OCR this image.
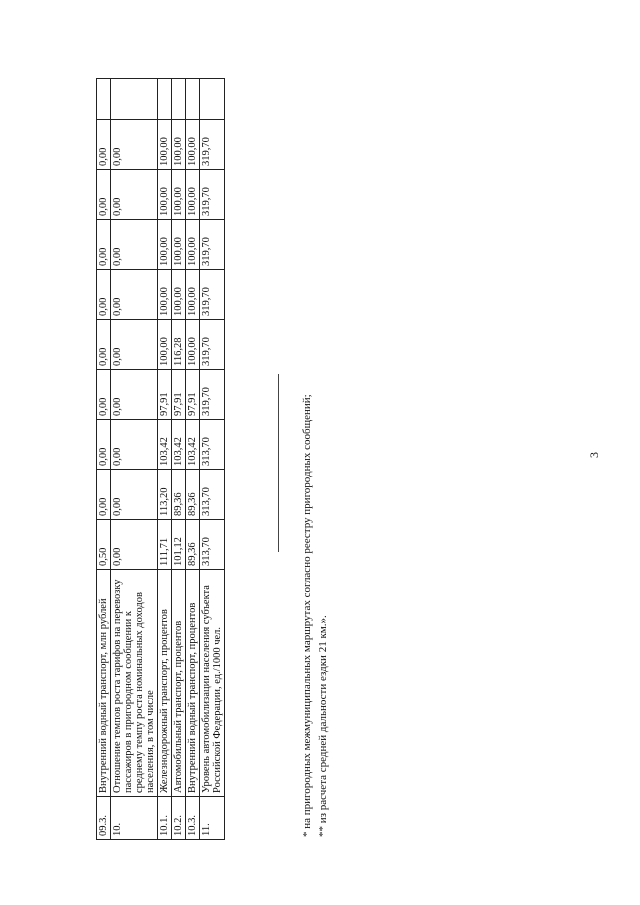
3
09.3.	Внутренний водный транспорт, млн рублей	0,50	0,00	0,00	0,00	0,00	0,00	0,00	0,00	0,00	
10.	Отношение темпов роста тарифов на перевозку пассажиров в пригородном сообщении к среднему темпу роста номинальных доходов населения, в том числе	0,00	0,00	0,00	0,00	0,00	0,00	0,00	0,00	0,00	
10.1.	Железнодорожный транспорт, процентов	111,71	113,20	103,42	97,91	100,00	100,00	100,00	100,00	100,00	
10.2.	Автомобильный транспорт, процентов	101,12	89,36	103,42	97,91	116,28	100,00	100,00	100,00	100,00	
10.3.	Внутренний водный транспорт, процентов	89,36	89,36	103,42	97,91	100,00	100,00	100,00	100,00	100,00	
11.	Уровень автомобилизации населения субъекта Российской Федерации, ед./1000 чел.	313,70	313,70	313,70	319,70	319,70	319,70	319,70	319,70	319,70	
* на пригородных межмуниципальных маршрутах согласно реестру пригородных сообщений; ** из расчета средней дальности ездки 21 км.».
